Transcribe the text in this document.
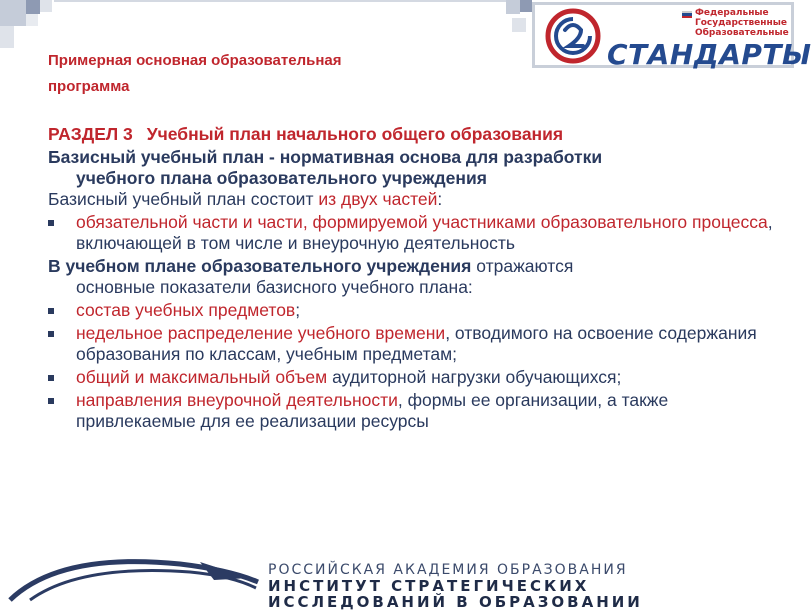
Федеральные
Государственные
Образовательные
СТАНДАРТЫ
Примерная основная образовательная
программа
РАЗДЕЛ 3 Учебный план начального общего образования
Базисный учебный план - нормативная основа для разработки
учебного плана образовательного учреждения
Базисный учебный план состоит из двух частей:
обязательной части и части, формируемой участниками образовательного процесса, включающей в том числе и внеурочную деятельность
В учебном плане образовательного учреждения отражаются
основные показатели базисного учебного плана:
состав учебных предметов;
недельное распределение учебного времени, отводимого на освоение содержания образования по классам, учебным предметам;
общий и максимальный объем аудиторной нагрузки обучающихся;
направления внеурочной деятельности, формы ее организации, а также привлекаемые для ее реализации ресурсы
РОССИЙСКАЯ АКАДЕМИЯ ОБРАЗОВАНИЯ
ИНСТИТУТ СТРАТЕГИЧЕСКИХ
ИССЛЕДОВАНИЙ В ОБРАЗОВАНИИ
